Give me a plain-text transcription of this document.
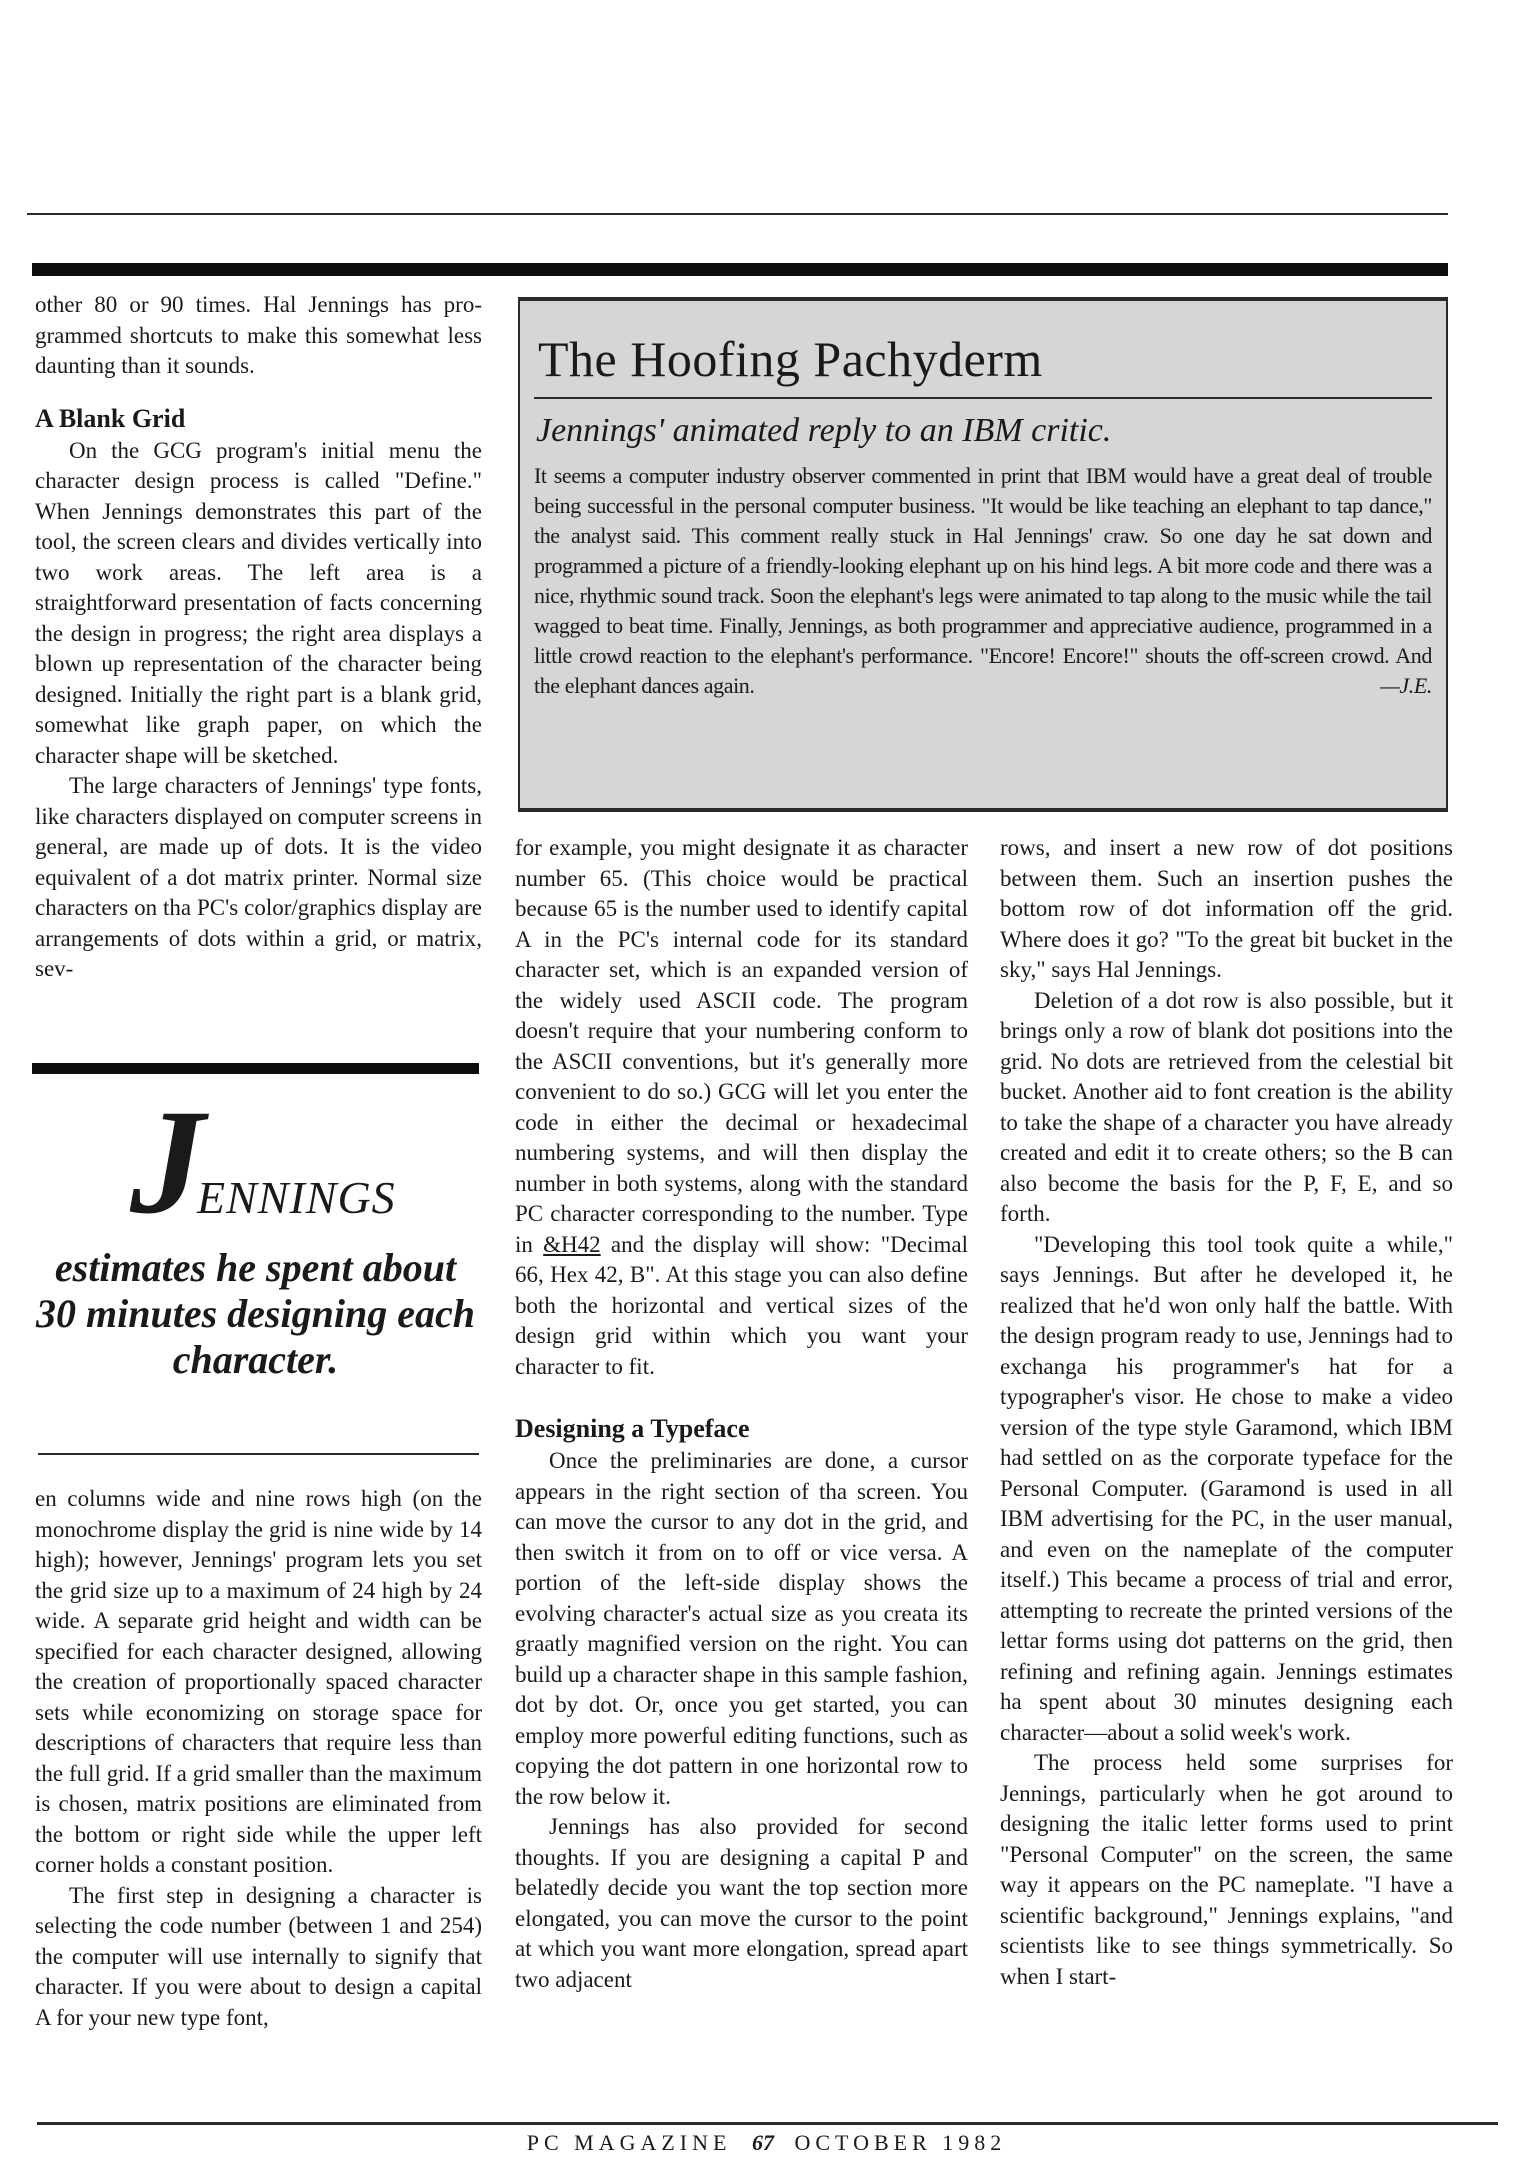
The Hoofing Pachyderm
Jennings' animated reply to an IBM critic.

It seems a computer industry observer commented in print that IBM would have a great deal of trouble being successful in the personal computer business. "It would be like teaching an elephant to tap dance," the analyst said. This comment really stuck in Hal Jennings' craw. So one day he sat down and programmed a picture of a friendly-looking elephant up on his hind legs. A bit more code and there was a nice, rhythmic sound track. Soon the elephant's legs were animated to tap along to the music while the tail wagged to beat time. Finally, Jennings, as both programmer and appreciative audience, programmed in a little crowd reaction to the elephant's performance. "Encore! Encore!" shouts the off-screen crowd. And the elephant dances again.	—J.E.

other 80 or 90 times. Hal Jennings has programmed shortcuts to make this somewhat less daunting than it sounds.

A Blank Grid

On the GCG program's initial menu the character design process is called "Define." When Jennings demonstrates this part of the tool, the screen clears and divides vertically into two work areas. The left area is a straightforward presentation of facts concerning the design in progress; the right area displays a blown up representation of the character being designed. Initially the right part is a blank grid, somewhat like graph paper, on which the character shape will be sketched.

The large characters of Jennings' type fonts, like characters displayed on computer screens in general, are made up of dots. It is the video equivalent of a dot matrix printer. Normal size characters on tha PC's color/graphics display are arrangements of dots within a grid, or matrix, sev-

J
ENNINGS
estimates he spent about 30 minutes designing each character.

en columns wide and nine rows high (on the monochrome display the grid is nine wide by 14 high); however, Jennings' program lets you set the grid size up to a maximum of 24 high by 24 wide. A separate grid height and width can be specified for each character designed, allowing the creation of proportionally spaced character sets while economizing on storage space for descriptions of characters that require less than the full grid. If a grid smaller than the maximum is chosen, matrix positions are eliminated from the bottom or right side while the upper left corner holds a constant position.

The first step in designing a character is selecting the code number (between 1 and 254) the computer will use internally to signify that character. If you were about to design a capital A for your new type font,

for example, you might designate it as character number 65. (This choice would be practical because 65 is the number used to identify capital A in the PC's internal code for its standard character set, which is an expanded version of the widely used ASCII code. The program doesn't require that your numbering conform to the ASCII conventions, but it's generally more convenient to do so.) GCG will let you enter the code in either the decimal or hexadecimal numbering systems, and will then display the number in both systems, along with the standard PC character corresponding to the number. Type in &H42 and the display will show: "Decimal 66, Hex 42, B". At this stage you can also define both the horizontal and vertical sizes of the design grid within which you want your character to fit.

Designing a Typeface

Once the preliminaries are done, a cursor appears in the right section of tha screen. You can move the cursor to any dot in the grid, and then switch it from on to off or vice versa. A portion of the left-side display shows the evolving character's actual size as you creata its graatly magnified version on the right. You can build up a character shape in this sample fashion, dot by dot. Or, once you get started, you can employ more powerful editing functions, such as copying the dot pattern in one horizontal row to the row below it.

Jennings has also provided for second thoughts. If you are designing a capital P and belatedly decide you want the top section more elongated, you can move the cursor to the point at which you want more elongation, spread apart two adjacent

rows, and insert a new row of dot positions between them. Such an insertion pushes the bottom row of dot information off the grid. Where does it go? "To the great bit bucket in the sky," says Hal Jennings.

Deletion of a dot row is also possible, but it brings only a row of blank dot positions into the grid. No dots are retrieved from the celestial bit bucket. Another aid to font creation is the ability to take the shape of a character you have already created and edit it to create others; so the B can also become the basis for the P, F, E, and so forth.

"Developing this tool took quite a while," says Jennings. But after he developed it, he realized that he'd won only half the battle. With the design program ready to use, Jennings had to exchanga his programmer's hat for a typographer's visor. He chose to make a video version of the type style Garamond, which IBM had settled on as the corporate typeface for the Personal Computer. (Garamond is used in all IBM advertising for the PC, in the user manual, and even on the nameplate of the computer itself.) This became a process of trial and error, attempting to recreate the printed versions of the lettar forms using dot patterns on the grid, then refining and refining again. Jennings estimates ha spent about 30 minutes designing each character—about a solid week's work.

The process held some surprises for Jennings, particularly when he got around to designing the italic letter forms used to print "Personal Computer" on the screen, the same way it appears on the PC nameplate. "I have a scientific background," Jennings explains, "and scientists like to see things symmetrically. So when I start-

PC MAGAZINE 67 OCTOBER 1982
